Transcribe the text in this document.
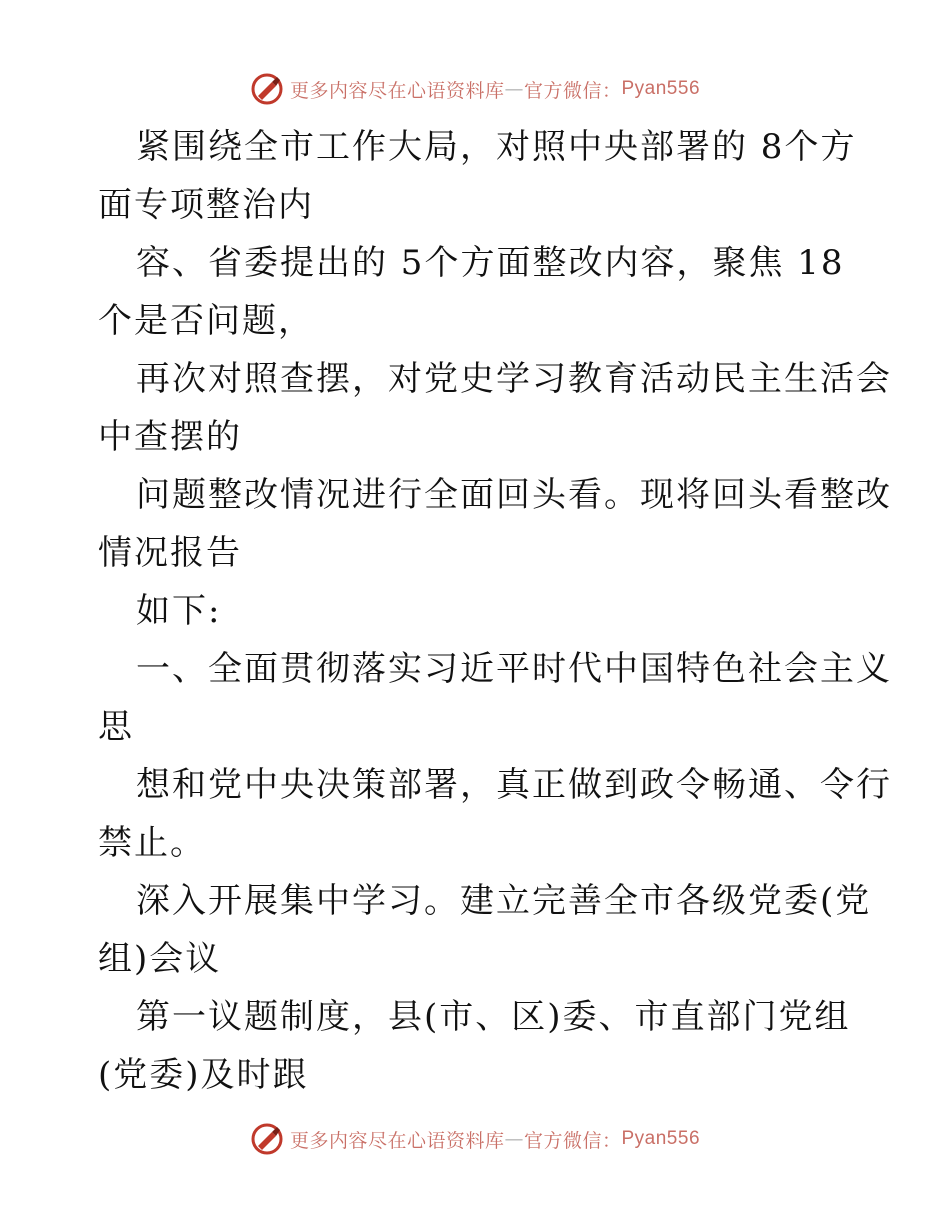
更多内容尽在心语资料库 — 官方微信： Pyan556
紧围绕全市工作大局，对照中央部署的 8个方
面专项整治内
容、省委提出的 5个方面整改内容，聚焦 18
个是否问题，
再次对照查摆，对党史学习教育活动民主生活会
中查摆的
问题整改情况进行全面回头看。现将回头看整改
情况报告
如下:
一、全面贯彻落实习近平时代中国特色社会主义
思
想和党中央决策部署，真正做到政令畅通、令行
禁止。
深入开展集中学习。建立完善全市各级党委(党
组)会议
第一议题制度，县(市、区)委、市直部门党组
(党委)及时跟
更多内容尽在心语资料库 — 官方微信： Pyan556
